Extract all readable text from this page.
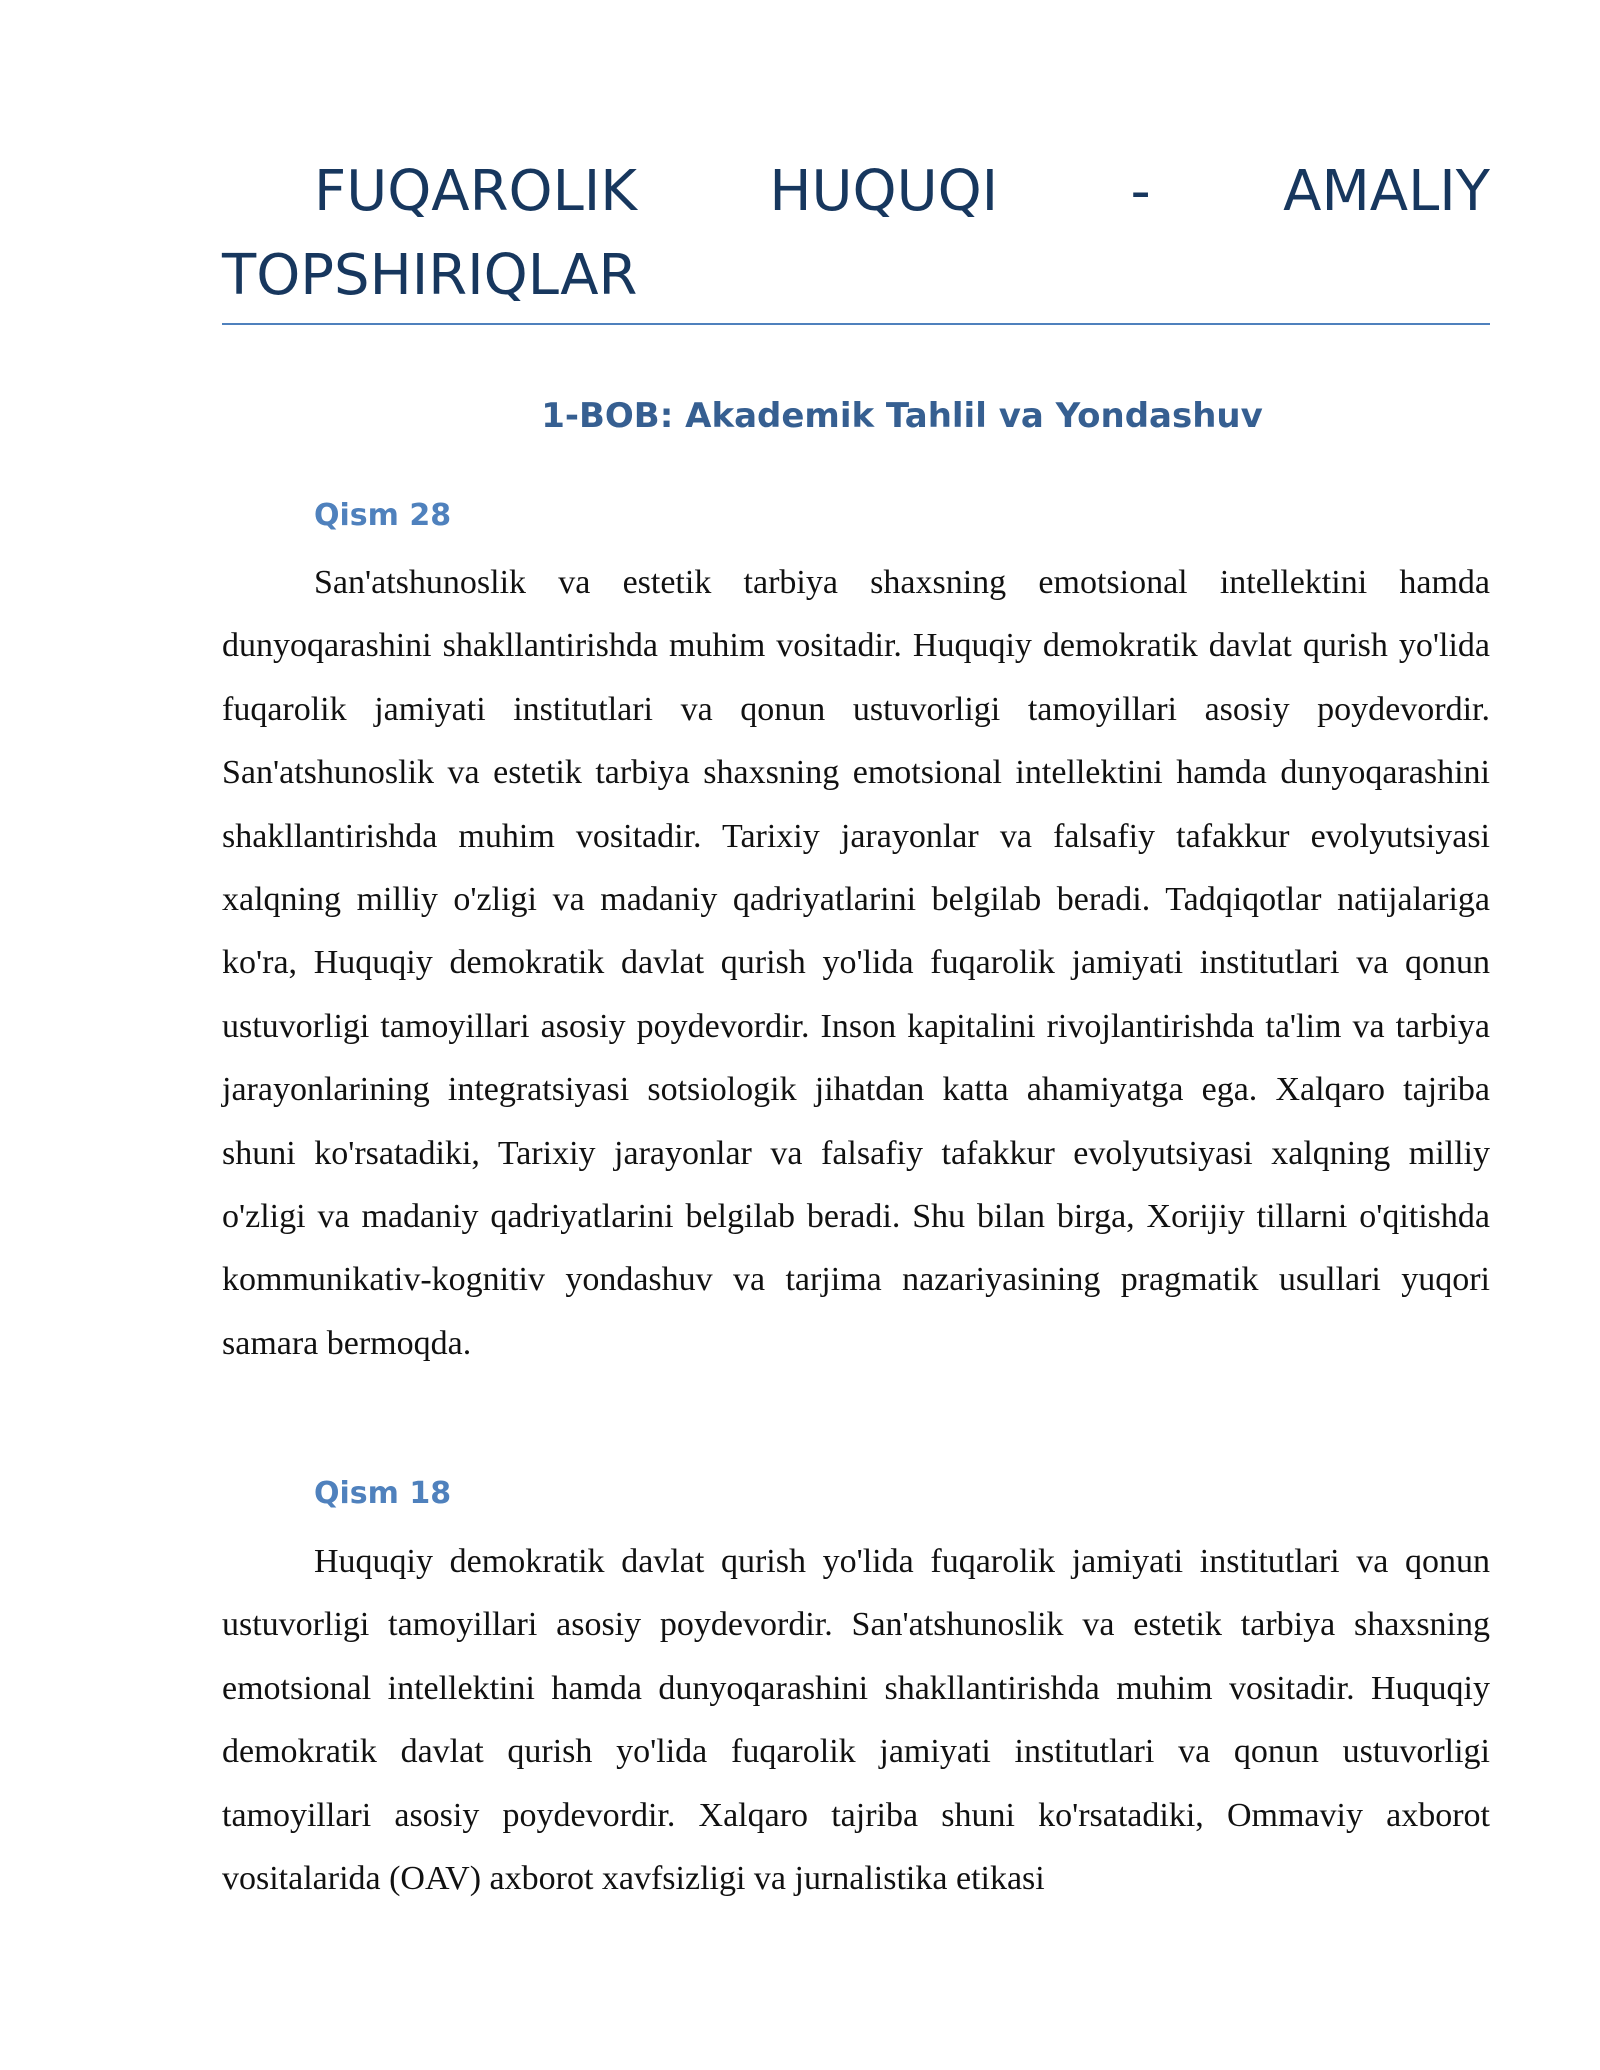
FUQAROLIK HUQUQI - AMALIY TOPSHIRIQLAR
1-BOB: Akademik Tahlil va Yondashuv
Qism 28

San'atshunoslik va estetik tarbiya shaxsning emotsional intellektini hamda dunyoqarashini shakllantirishda muhim vositadir. Huquqiy demokratik davlat qurish yo'lida fuqarolik jamiyati institutlari va qonun ustuvorligi tamoyillari asosiy poydevordir. San'atshunoslik va estetik tarbiya shaxsning emotsional intellektini hamda dunyoqarashini shakllantirishda muhim vositadir. Tarixiy jarayonlar va falsafiy tafakkur evolyutsiyasi xalqning milliy o'zligi va madaniy qadriyatlarini belgilab beradi. Tadqiqotlar natijalariga ko'ra, Huquqiy demokratik davlat qurish yo'lida fuqarolik jamiyati institutlari va qonun ustuvorligi tamoyillari asosiy poydevordir. Inson kapitalini rivojlantirishda ta'lim va tarbiya jarayonlarining integratsiyasi sotsiologik jihatdan katta ahamiyatga ega. Xalqaro tajriba shuni ko'rsatadiki, Tarixiy jarayonlar va falsafiy tafakkur evolyutsiyasi xalqning milliy o'zligi va madaniy qadriyatlarini belgilab beradi. Shu bilan birga, Xorijiy tillarni o'qitishda kommunikativ-kognitiv yondashuv va tarjima nazariyasining pragmatik usullari yuqori samara bermoqda.

Qism 18

Huquqiy demokratik davlat qurish yo'lida fuqarolik jamiyati institutlari va qonun ustuvorligi tamoyillari asosiy poydevordir. San'atshunoslik va estetik tarbiya shaxsning emotsional intellektini hamda dunyoqarashini shakllantirishda muhim vositadir. Huquqiy demokratik davlat qurish yo'lida fuqarolik jamiyati institutlari va qonun ustuvorligi tamoyillari asosiy poydevordir. Xalqaro tajriba shuni ko'rsatadiki, Ommaviy axborot vositalarida (OAV) axborot xavfsizligi va jurnalistika etikasi
